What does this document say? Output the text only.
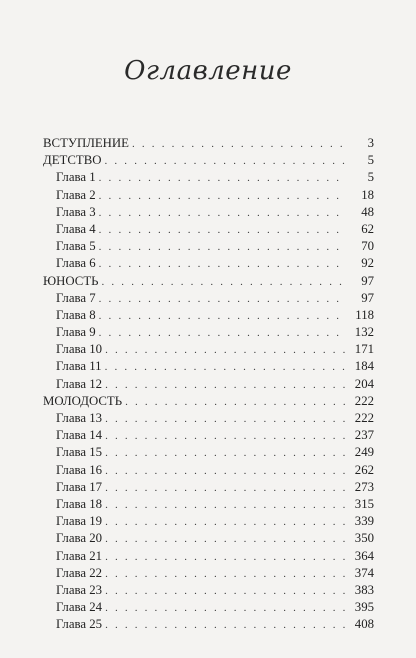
Оглавление
ВСТУПЛЕНИЕ . . .	3
ДЕТСТВО . . .	5
Глава 1 . . .	5
Глава 2 . . .	18
Глава 3 . . .	48
Глава 4 . . .	62
Глава 5 . . .	70
Глава 6 . . .	92
ЮНОСТЬ . . .	97
Глава 7 . . .	97
Глава 8 . . .	118
Глава 9 . . .	132
Глава 10 . . .	171
Глава 11 . . .	184
Глава 12 . . .	204
МОЛОДОСТЬ . . .	222
Глава 13 . . .	222
Глава 14 . . .	237
Глава 15 . . .	249
Глава 16 . . .	262
Глава 17 . . .	273
Глава 18 . . .	315
Глава 19 . . .	339
Глава 20 . . .	350
Глава 21 . . .	364
Глава 22 . . .	374
Глава 23 . . .	383
Глава 24 . . .	395
Глава 25 . . .	408
